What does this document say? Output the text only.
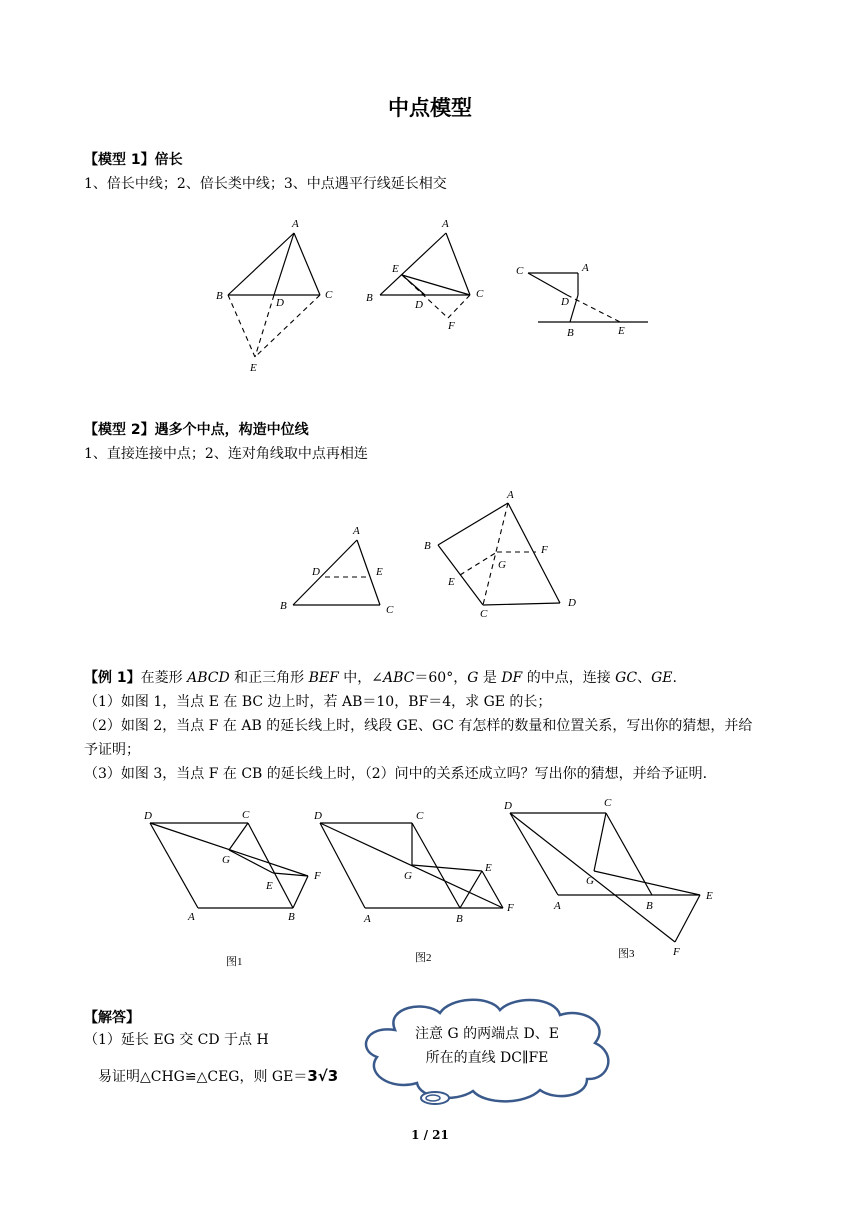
中点模型
【模型 1】倍长
1、倍长中线；2、倍长类中线；3、中点遇平行线延长相交
A
B
D
C
E
A
E
B
D
C
F
C	A
D
B	E
【模型 2】遇多个中点，构造中位线
1、直接连接中点；2、连对角线取中点再相连
A
D	E
B	C
A
B	F
G
E
C
D
【例 1】在菱形 ABCD 和正三角形 BEF 中，∠ABC＝60°，G 是 DF 的中点，连接 GC、GE.
（1）如图 1，当点 E 在 BC 边上时，若 AB＝10，BF＝4，求 GE 的长；
（2）如图 2，当点 F 在 AB 的延长线上时，线段 GE、GC 有怎样的数量和位置关系，写出你的猜想，并给
予证明；
（3）如图 3，当点 F 在 CB 的延长线上时，（2）问中的关系还成立吗？写出你的猜想，并给予证明.
D	C
G
E
F
A	B
图1
D	C
G
E
F
A	B
图2
D	C
G
A	B
E
F
图3
【解答】
（1）延长 EG 交 CD 于点 H
易证明△CHG≌△CEG，则 GE＝3√3
注意 G 的两端点 D、E
所在的直线 DC∥FE
1 / 21
